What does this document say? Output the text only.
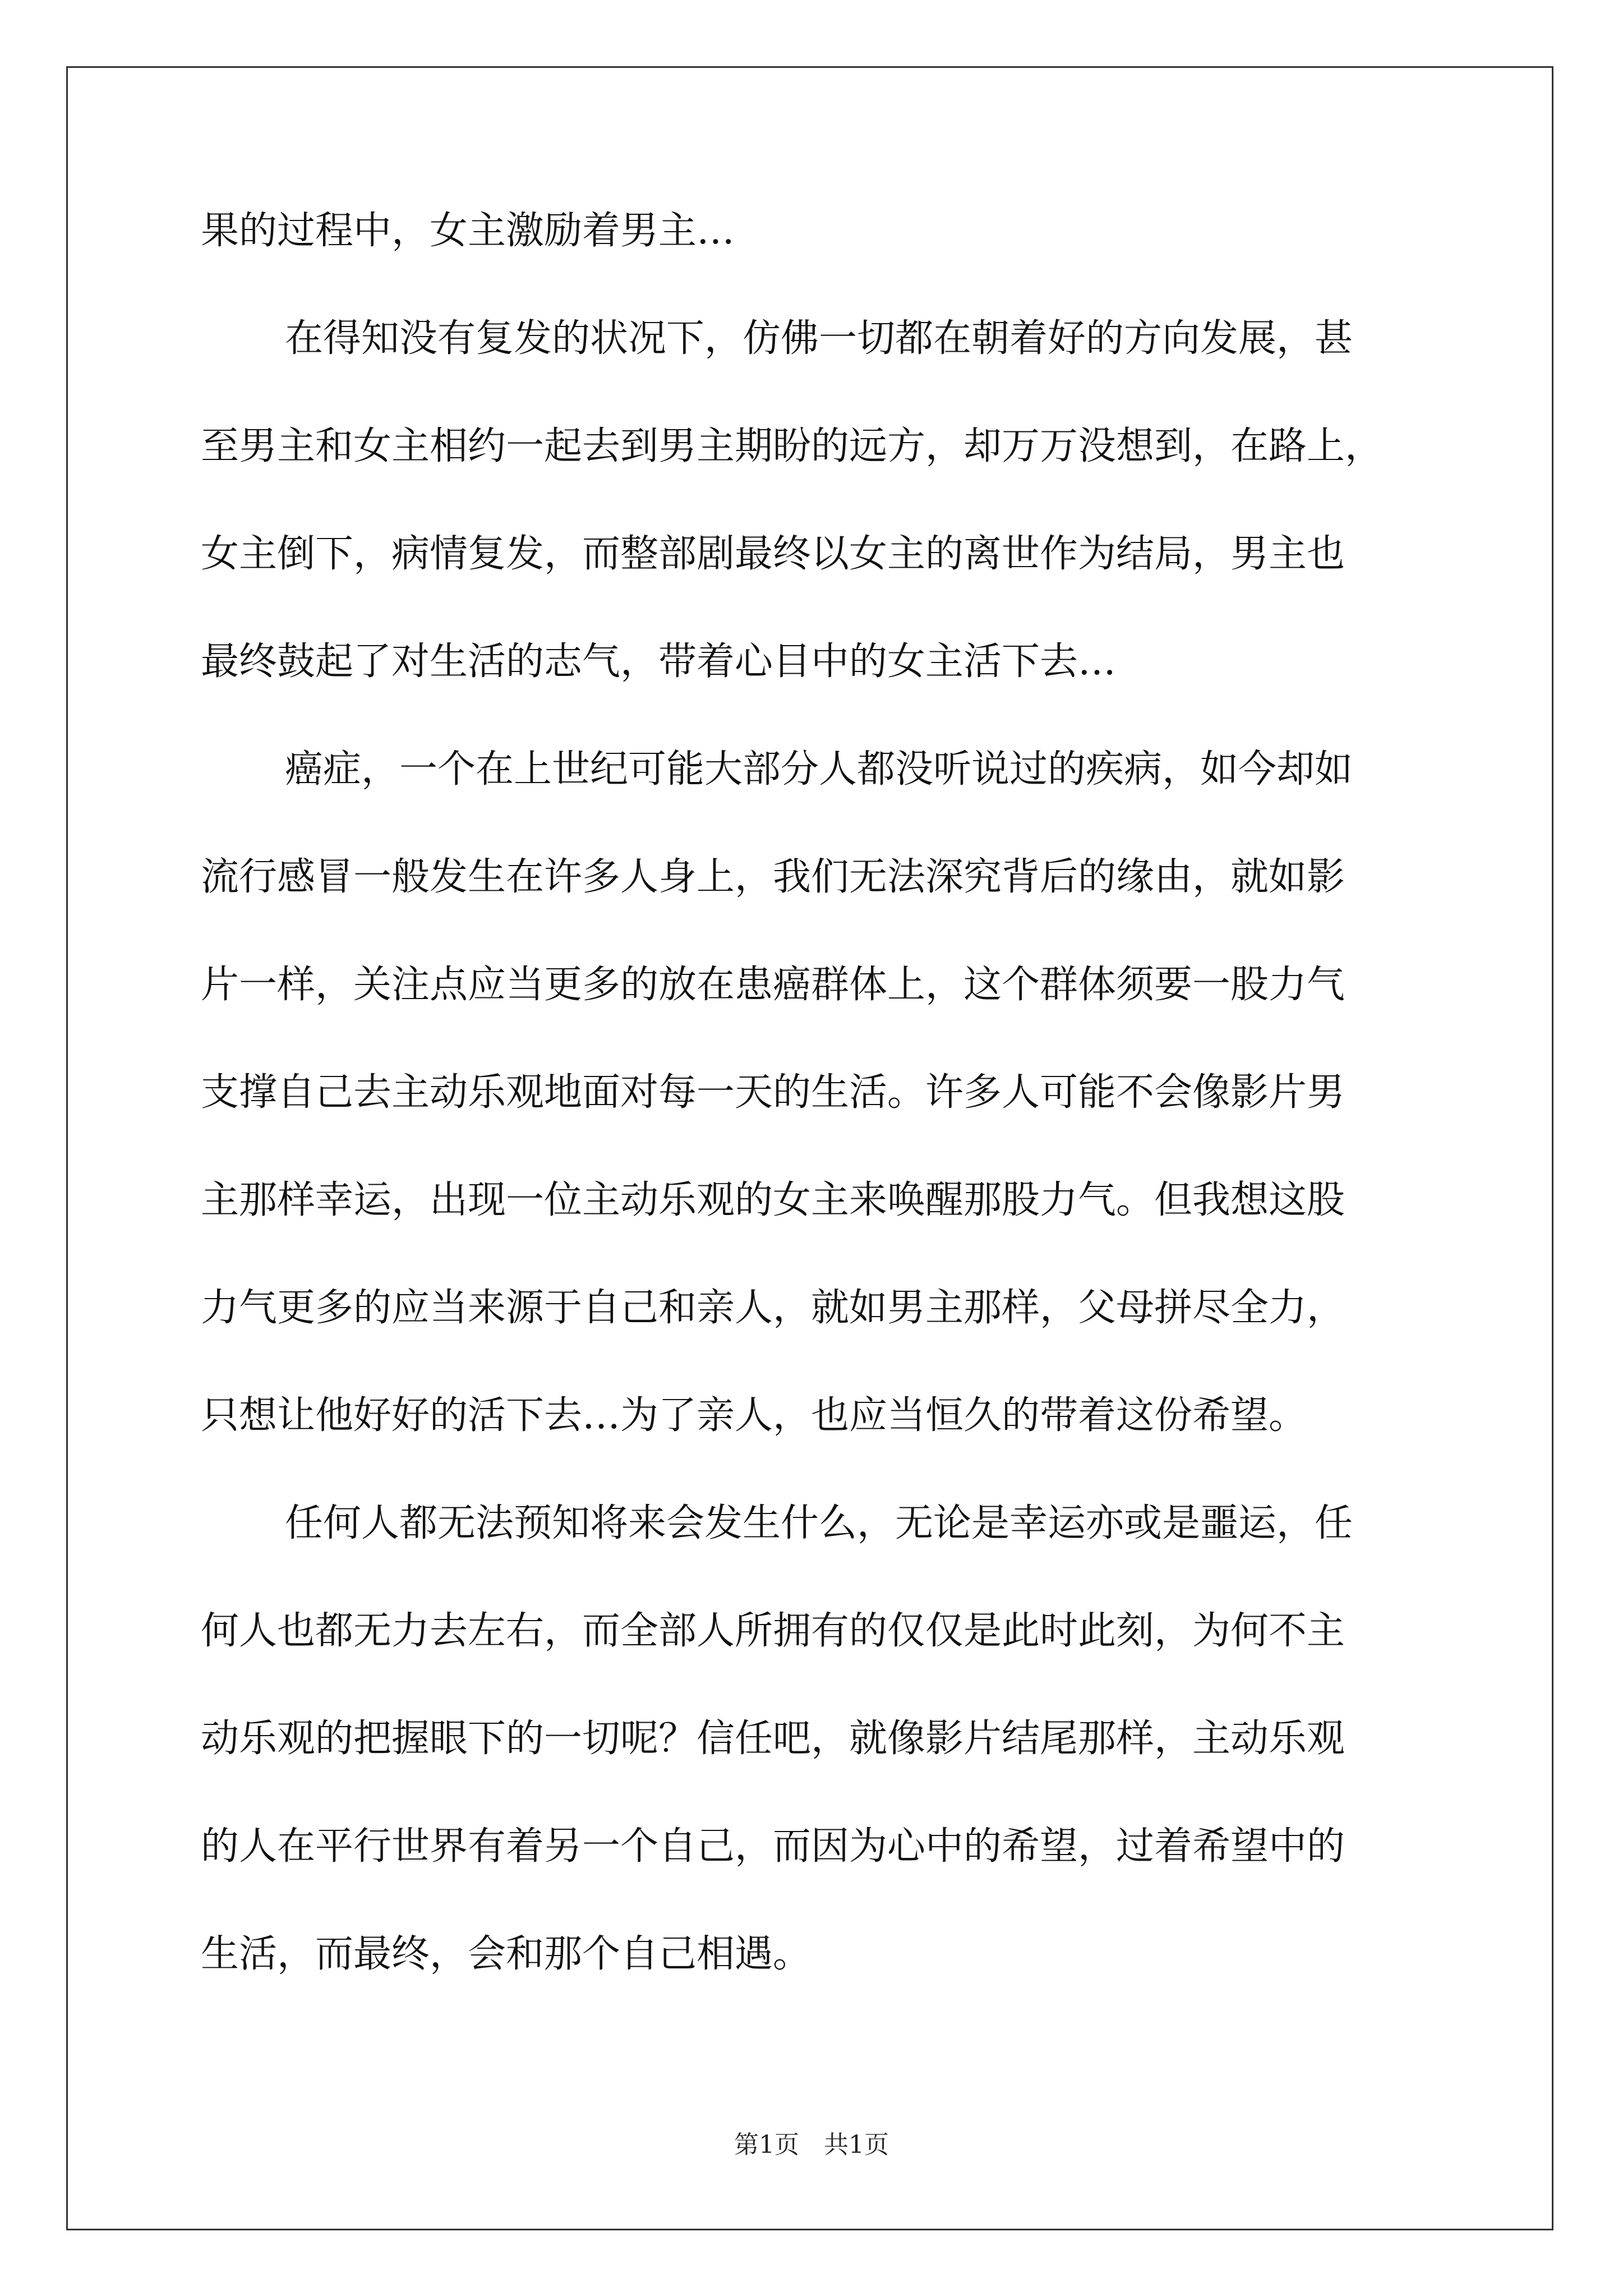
果的过程中，女主激励着男主…
在得知没有复发的状况下，仿佛一切都在朝着好的方向发展，甚
至男主和女主相约一起去到男主期盼的远方，却万万没想到，在路上，
女主倒下，病情复发，而整部剧最终以女主的离世作为结局，男主也
最终鼓起了对生活的志气，带着心目中的女主活下去…
癌症，一个在上世纪可能大部分人都没听说过的疾病，如今却如
流行感冒一般发生在许多人身上，我们无法深究背后的缘由，就如影
片一样，关注点应当更多的放在患癌群体上，这个群体须要一股力气
支撑自己去主动乐观地面对每一天的生活。许多人可能不会像影片男
主那样幸运，出现一位主动乐观的女主来唤醒那股力气。但我想这股
力气更多的应当来源于自己和亲人，就如男主那样，父母拼尽全力，
只想让他好好的活下去…为了亲人，也应当恒久的带着这份希望。
任何人都无法预知将来会发生什么，无论是幸运亦或是噩运，任
何人也都无力去左右，而全部人所拥有的仅仅是此时此刻，为何不主
动乐观的把握眼下的一切呢？信任吧，就像影片结尾那样，主动乐观
的人在平行世界有着另一个自己，而因为心中的希望，过着希望中的
生活，而最终，会和那个自己相遇。
第1页　共1页
